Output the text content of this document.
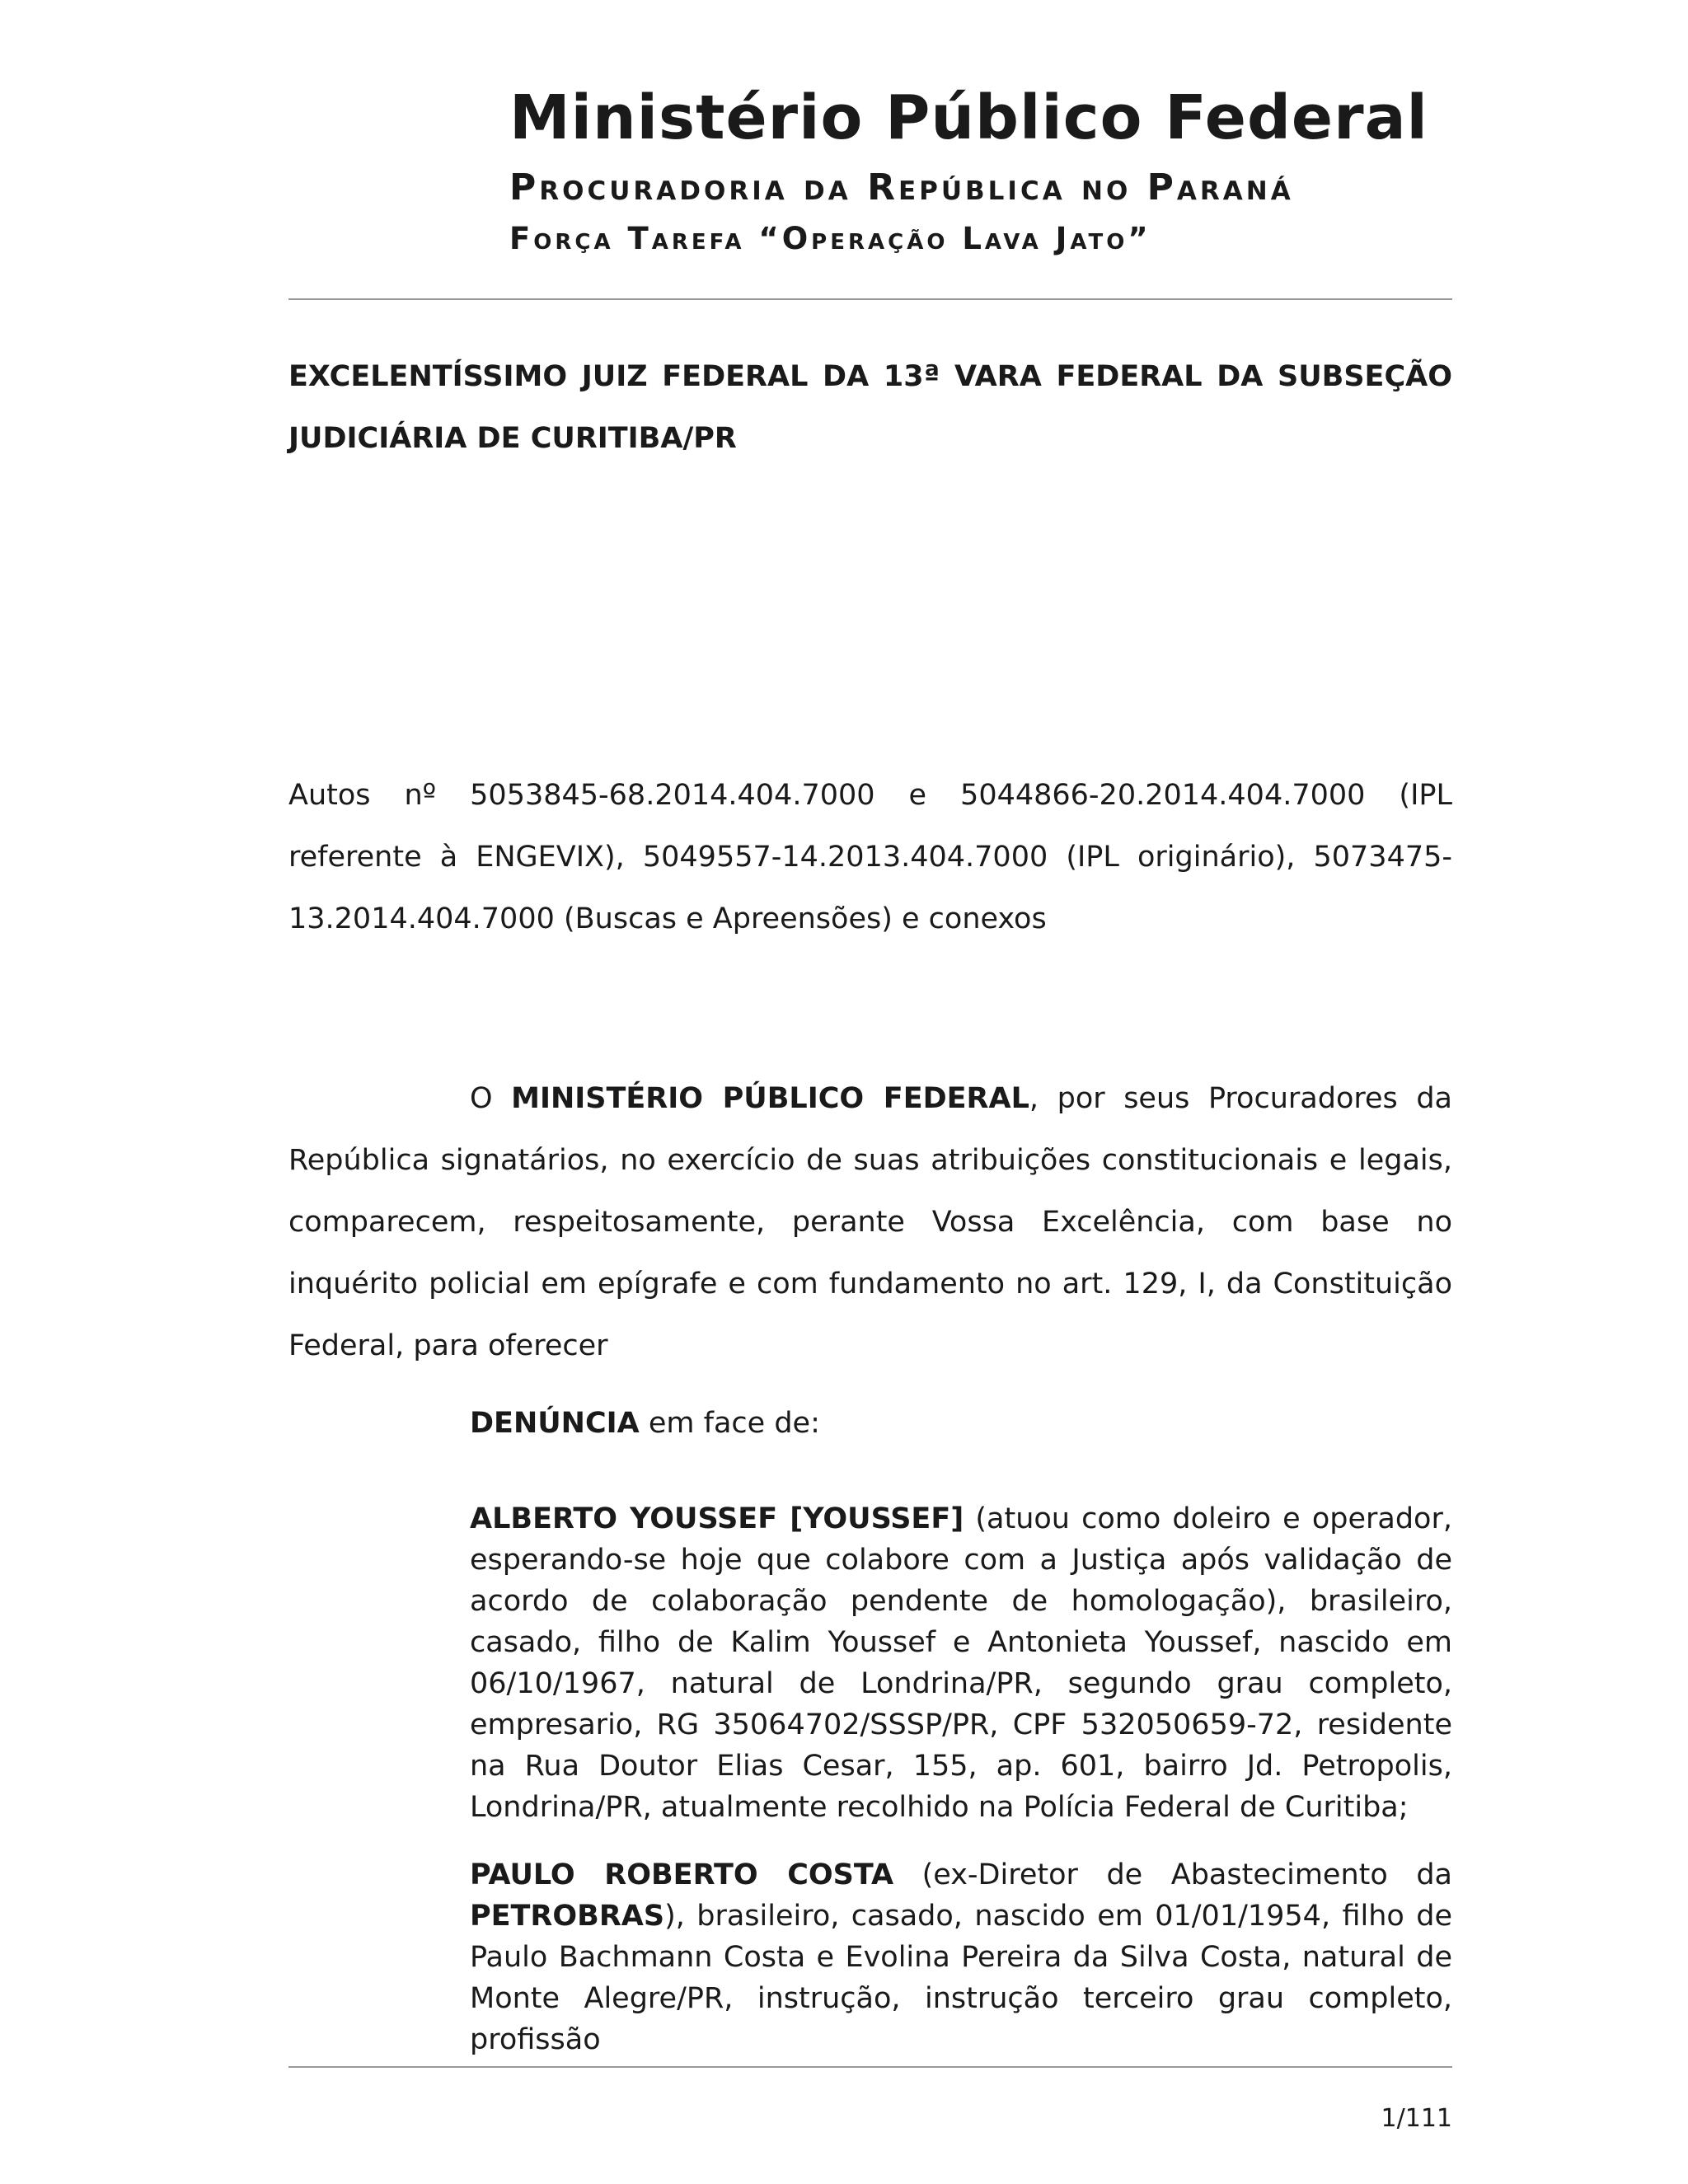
Ministério Público Federal
Procuradoria da República no Paraná
Força Tarefa “Operação Lava Jato”
EXCELENTÍSSIMO JUIZ FEDERAL DA 13ª VARA FEDERAL DA SUBSEÇÃO JUDICIÁRIA DE CURITIBA/PR
Autos nº 5053845-68.2014.404.7000 e 5044866-20.2014.404.7000 (IPL referente à ENGEVIX), 5049557-14.2013.404.7000 (IPL originário), 5073475-13.2014.404.7000 (Buscas e Apreensões) e conexos
O MINISTÉRIO PÚBLICO FEDERAL, por seus Procuradores da República signatários, no exercício de suas atribuições constitucionais e legais, comparecem, respeitosamente, perante Vossa Excelência, com base no inquérito policial em epígrafe e com fundamento no art. 129, I, da Constituição Federal, para oferecer
DENÚNCIA em face de:
ALBERTO YOUSSEF [YOUSSEF] (atuou como doleiro e operador, esperando-se hoje que colabore com a Justiça após validação de acordo de colaboração pendente de homologação), brasileiro, casado, filho de Kalim Youssef e Antonieta Youssef, nascido em 06/10/1967, natural de Londrina/PR, segundo grau completo, empresario, RG 35064702/SSSP/PR, CPF 532050659-72, residente na Rua Doutor Elias Cesar, 155, ap. 601, bairro Jd. Petropolis, Londrina/PR, atualmente recolhido na Polícia Federal de Curitiba;
PAULO ROBERTO COSTA (ex-Diretor de Abastecimento da PETROBRAS), brasileiro, casado, nascido em 01/01/1954, filho de Paulo Bachmann Costa e Evolina Pereira da Silva Costa, natural de Monte Alegre/PR, instrução, instrução terceiro grau completo, profissão
1/111
